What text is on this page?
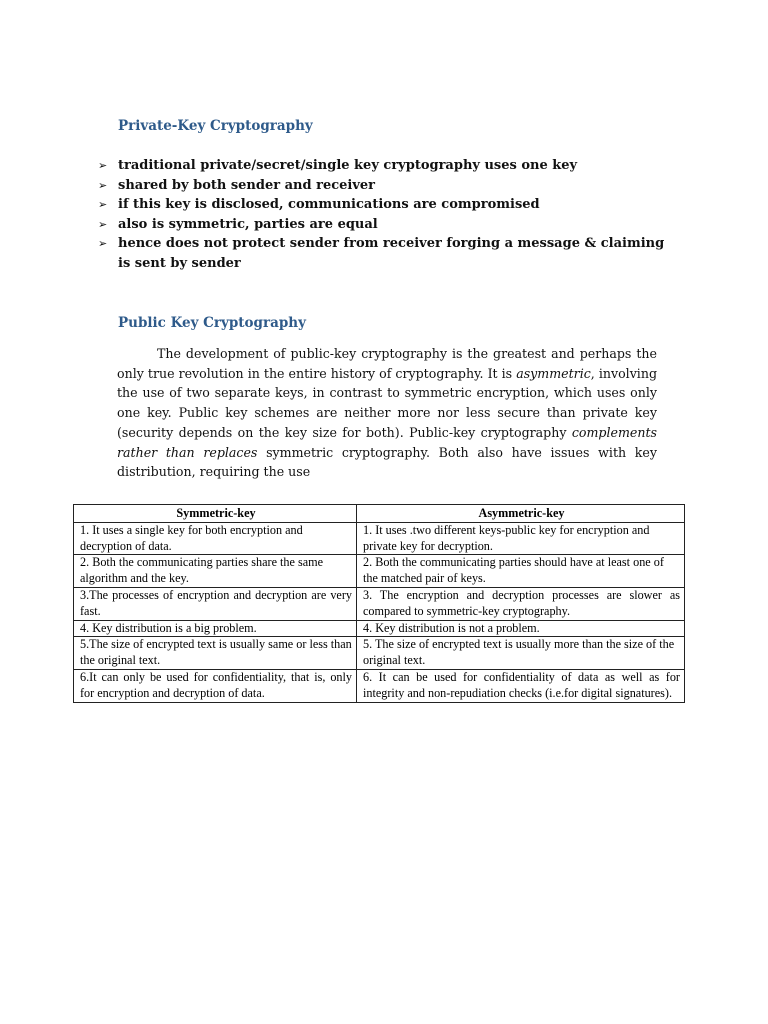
Private-Key Cryptography
➢ traditional private/secret/single key cryptography uses one key
➢ shared by both sender and receiver
➢ if this key is disclosed, communications are compromised
➢ also is symmetric, parties are equal
➢ hence does not protect sender from receiver forging a message & claiming is sent by sender
Public Key Cryptography

The development of public-key cryptography is the greatest and perhaps the only true revolution in the entire history of cryptography. It is asymmetric, involving the use of two separate keys, in contrast to symmetric encryption, which uses only one key. Public key schemes are neither more nor less secure than private key (security depends on the key size for both). Public-key cryptography complements rather than replaces symmetric cryptography. Both also have issues with key distribution, requiring the use

Symmetric-key	Asymmetric-key
1. It uses a single key for both encryption and decryption of data.	1. It uses .two different keys-public key for encryption and private key for decryption.
2. Both the communicating parties share the same algorithm and the key.	2. Both the communicating parties should have at least one of the matched pair of keys.
3.The processes of encryption and decryption are very fast.	3. The encryption and decryption processes are slower as compared to symmetric-key cryptography.
4. Key distribution is a big problem.	4. Key distribution is not a problem.
5.The size of encrypted text is usually same or less than the original text.	5. The size of encrypted text is usually more than the size of the original text.
6.It can only be used for confidentiality, that is, only for encryption and decryption of data.	6. It can be used for confidentiality of data as well as for integrity and non-repudiation checks (i.e.for digital signatures).
